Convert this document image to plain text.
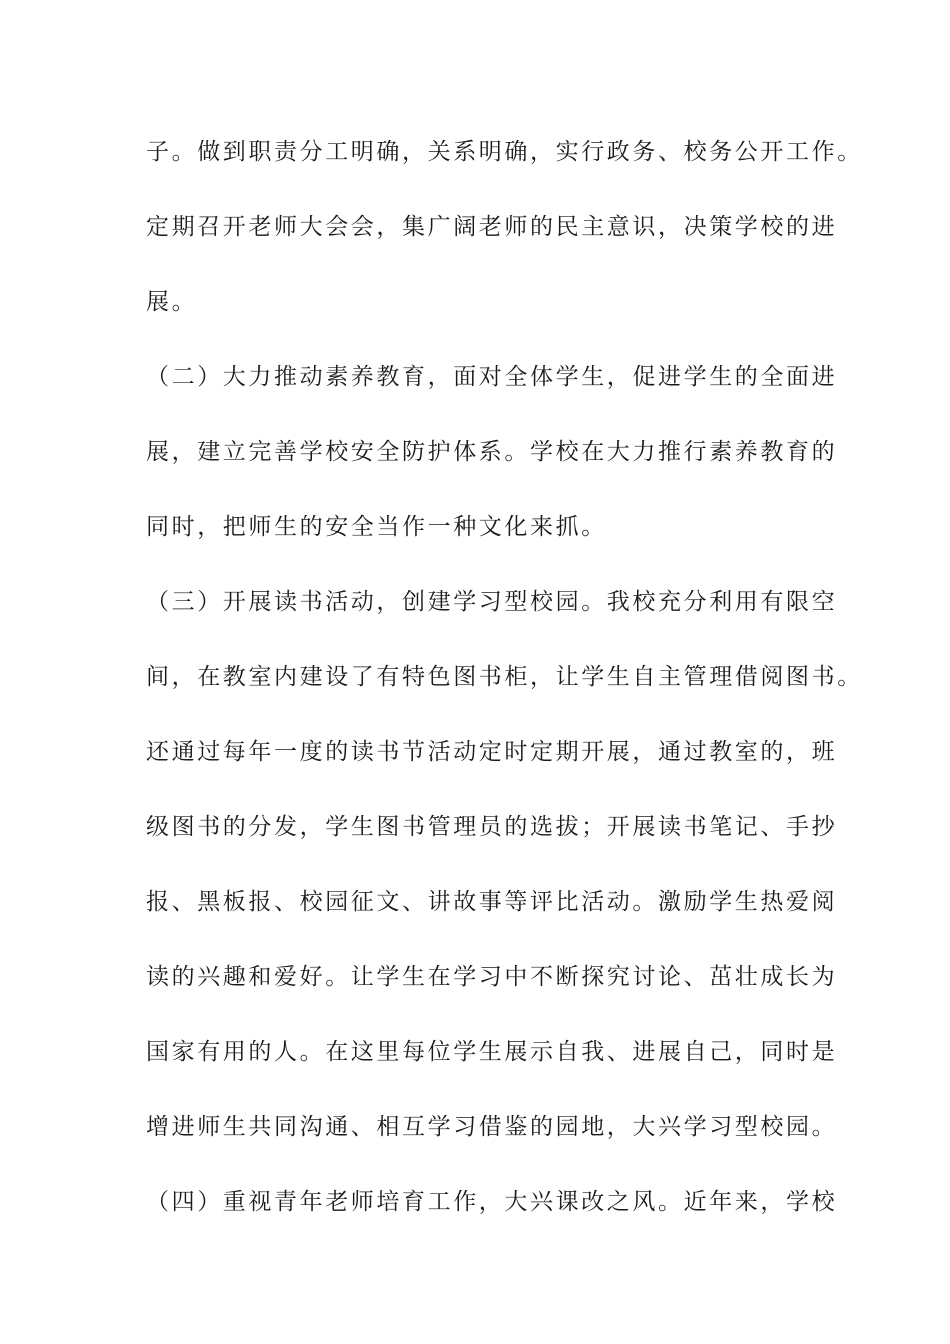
子。做到职责分工明确，关系明确，实行政务、校务公开工作。
定期召开老师大会会，集广阔老师的民主意识，决策学校的进
展。
（二）大力推动素养教育，面对全体学生，促进学生的全面进
展，建立完善学校安全防护体系。学校在大力推行素养教育的
同时，把师生的安全当作一种文化来抓。
（三）开展读书活动，创建学习型校园。我校充分利用有限空
间，在教室内建设了有特色图书柜，让学生自主管理借阅图书。
还通过每年一度的读书节活动定时定期开展，通过教室的，班
级图书的分发，学生图书管理员的选拔；开展读书笔记、手抄
报、黑板报、校园征文、讲故事等评比活动。激励学生热爱阅
读的兴趣和爱好。让学生在学习中不断探究讨论、茁壮成长为
国家有用的人。在这里每位学生展示自我、进展自己，同时是
增进师生共同沟通、相互学习借鉴的园地，大兴学习型校园。
（四）重视青年老师培育工作，大兴课改之风。近年来，学校
